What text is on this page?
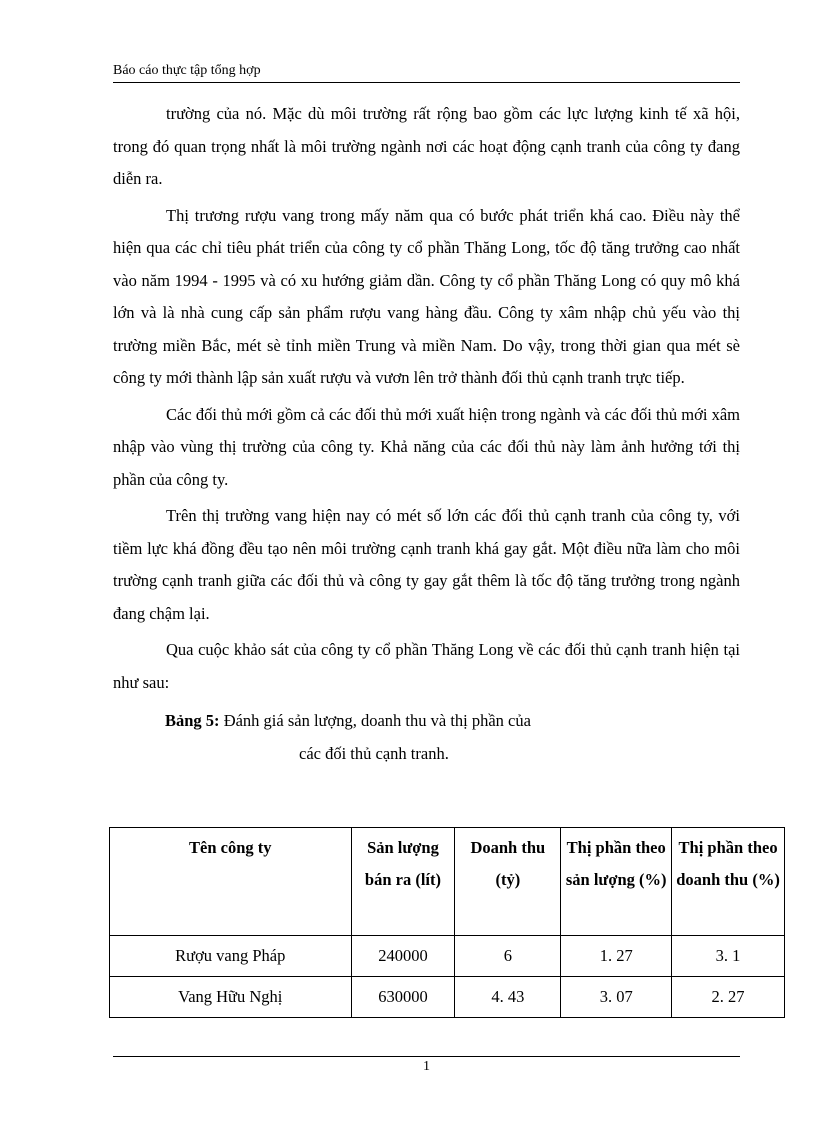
Báo cáo thực tập tổng hợp

trường của nó. Mặc dù môi trường rất rộng bao gồm các lực lượng kinh tế xã hội, trong đó quan trọng nhất là môi trường ngành nơi các hoạt động cạnh tranh của công ty đang diễn ra.

Thị trương rượu vang trong mấy năm qua có bước phát triển khá cao. Điều này thể hiện qua các chỉ tiêu phát triển của công ty cổ phần Thăng Long, tốc độ tăng trưởng cao nhất vào năm 1994 - 1995 và có xu hướng giảm dần. Công ty cổ phần Thăng Long có quy mô khá lớn và là nhà cung cấp sản phẩm rượu vang hàng đầu. Công ty xâm nhập chủ yếu vào thị trường miền Bắc, mét sè tỉnh miền Trung và miền Nam. Do vậy, trong thời gian qua mét sè công ty mới thành lập sản xuất rượu và vươn lên trở thành đối thủ cạnh tranh trực tiếp.

Các đối thủ mới gồm cả các đối thủ mới xuất hiện trong ngành và các đối thủ mới xâm nhập vào vùng thị trường của công ty. Khả năng của các đối thủ này làm ảnh hưởng tới thị phần của công ty.

Trên thị trường vang hiện nay có mét số lớn các đối thủ cạnh tranh của công ty, với tiềm lực khá đồng đều tạo nên môi trường cạnh tranh khá gay gắt. Một điều nữa làm cho môi trường cạnh tranh giữa các đối thủ và công ty gay gắt thêm là tốc độ tăng trưởng trong ngành đang chậm lại.

Qua cuộc khảo sát của công ty cổ phần Thăng Long về các đối thủ cạnh tranh hiện tại như sau:

Bảng 5: Đánh giá sản lượng, doanh thu và thị phần của

các đối thủ cạnh tranh.

Tên công ty	Sản lượng bán ra (lít)	Doanh thu (tỷ)	Thị phần theo sản lượng (%)	Thị phần theo doanh thu (%)
Rượu vang Pháp	240000	6	1. 27	3. 1
Vang Hữu Nghị	630000	4. 43	3. 07	2. 27
1
